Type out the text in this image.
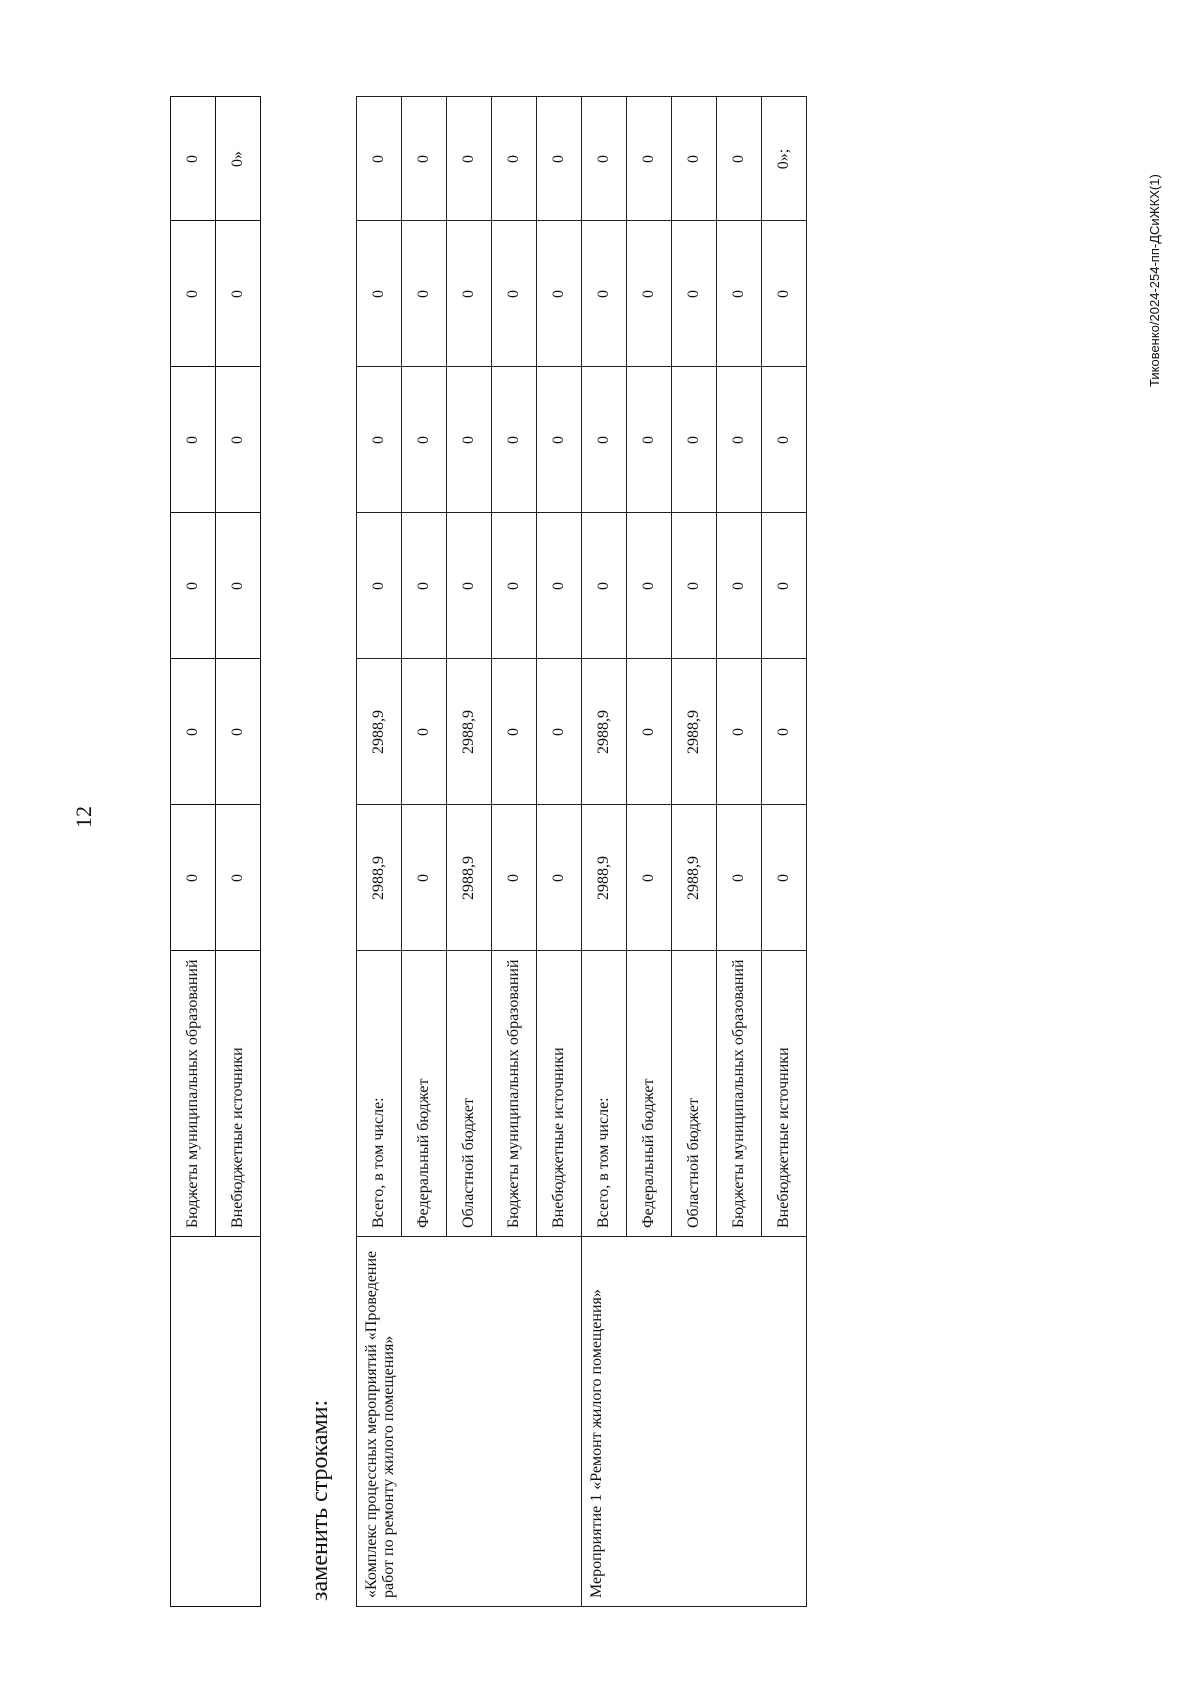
12
	Бюджеты муниципальных образований	0	0	0	0	0	0
	Внебюджетные источники	0	0	0	0	0	0»
заменить строками:	«Комплекс процессных мероприятий «Проведение работ по ремонту жилого помещения»	Всего, в том числе:	2988,9	2988,9	0	0	0	0
	Федеральный бюджет	0	0	0	0	0	0
	Областной бюджет	2988,9	2988,9	0	0	0	0
	Бюджеты муниципальных образований	0	0	0	0	0	0
	Внебюджетные источники	0	0	0	0	0	0
Мероприятие 1 «Ремонт жилого помещения»	Всего, в том числе:	2988,9	2988,9	0	0	0	0
	Федеральный бюджет	0	0	0	0	0	0
	Областной бюджет	2988,9	2988,9	0	0	0	0
	Бюджеты муниципальных образований	0	0	0	0	0	0
	Внебюджетные источники	0	0	0	0	0	0»;
Тиковенко/2024-254-пп-ДСиЖКХ(1)
